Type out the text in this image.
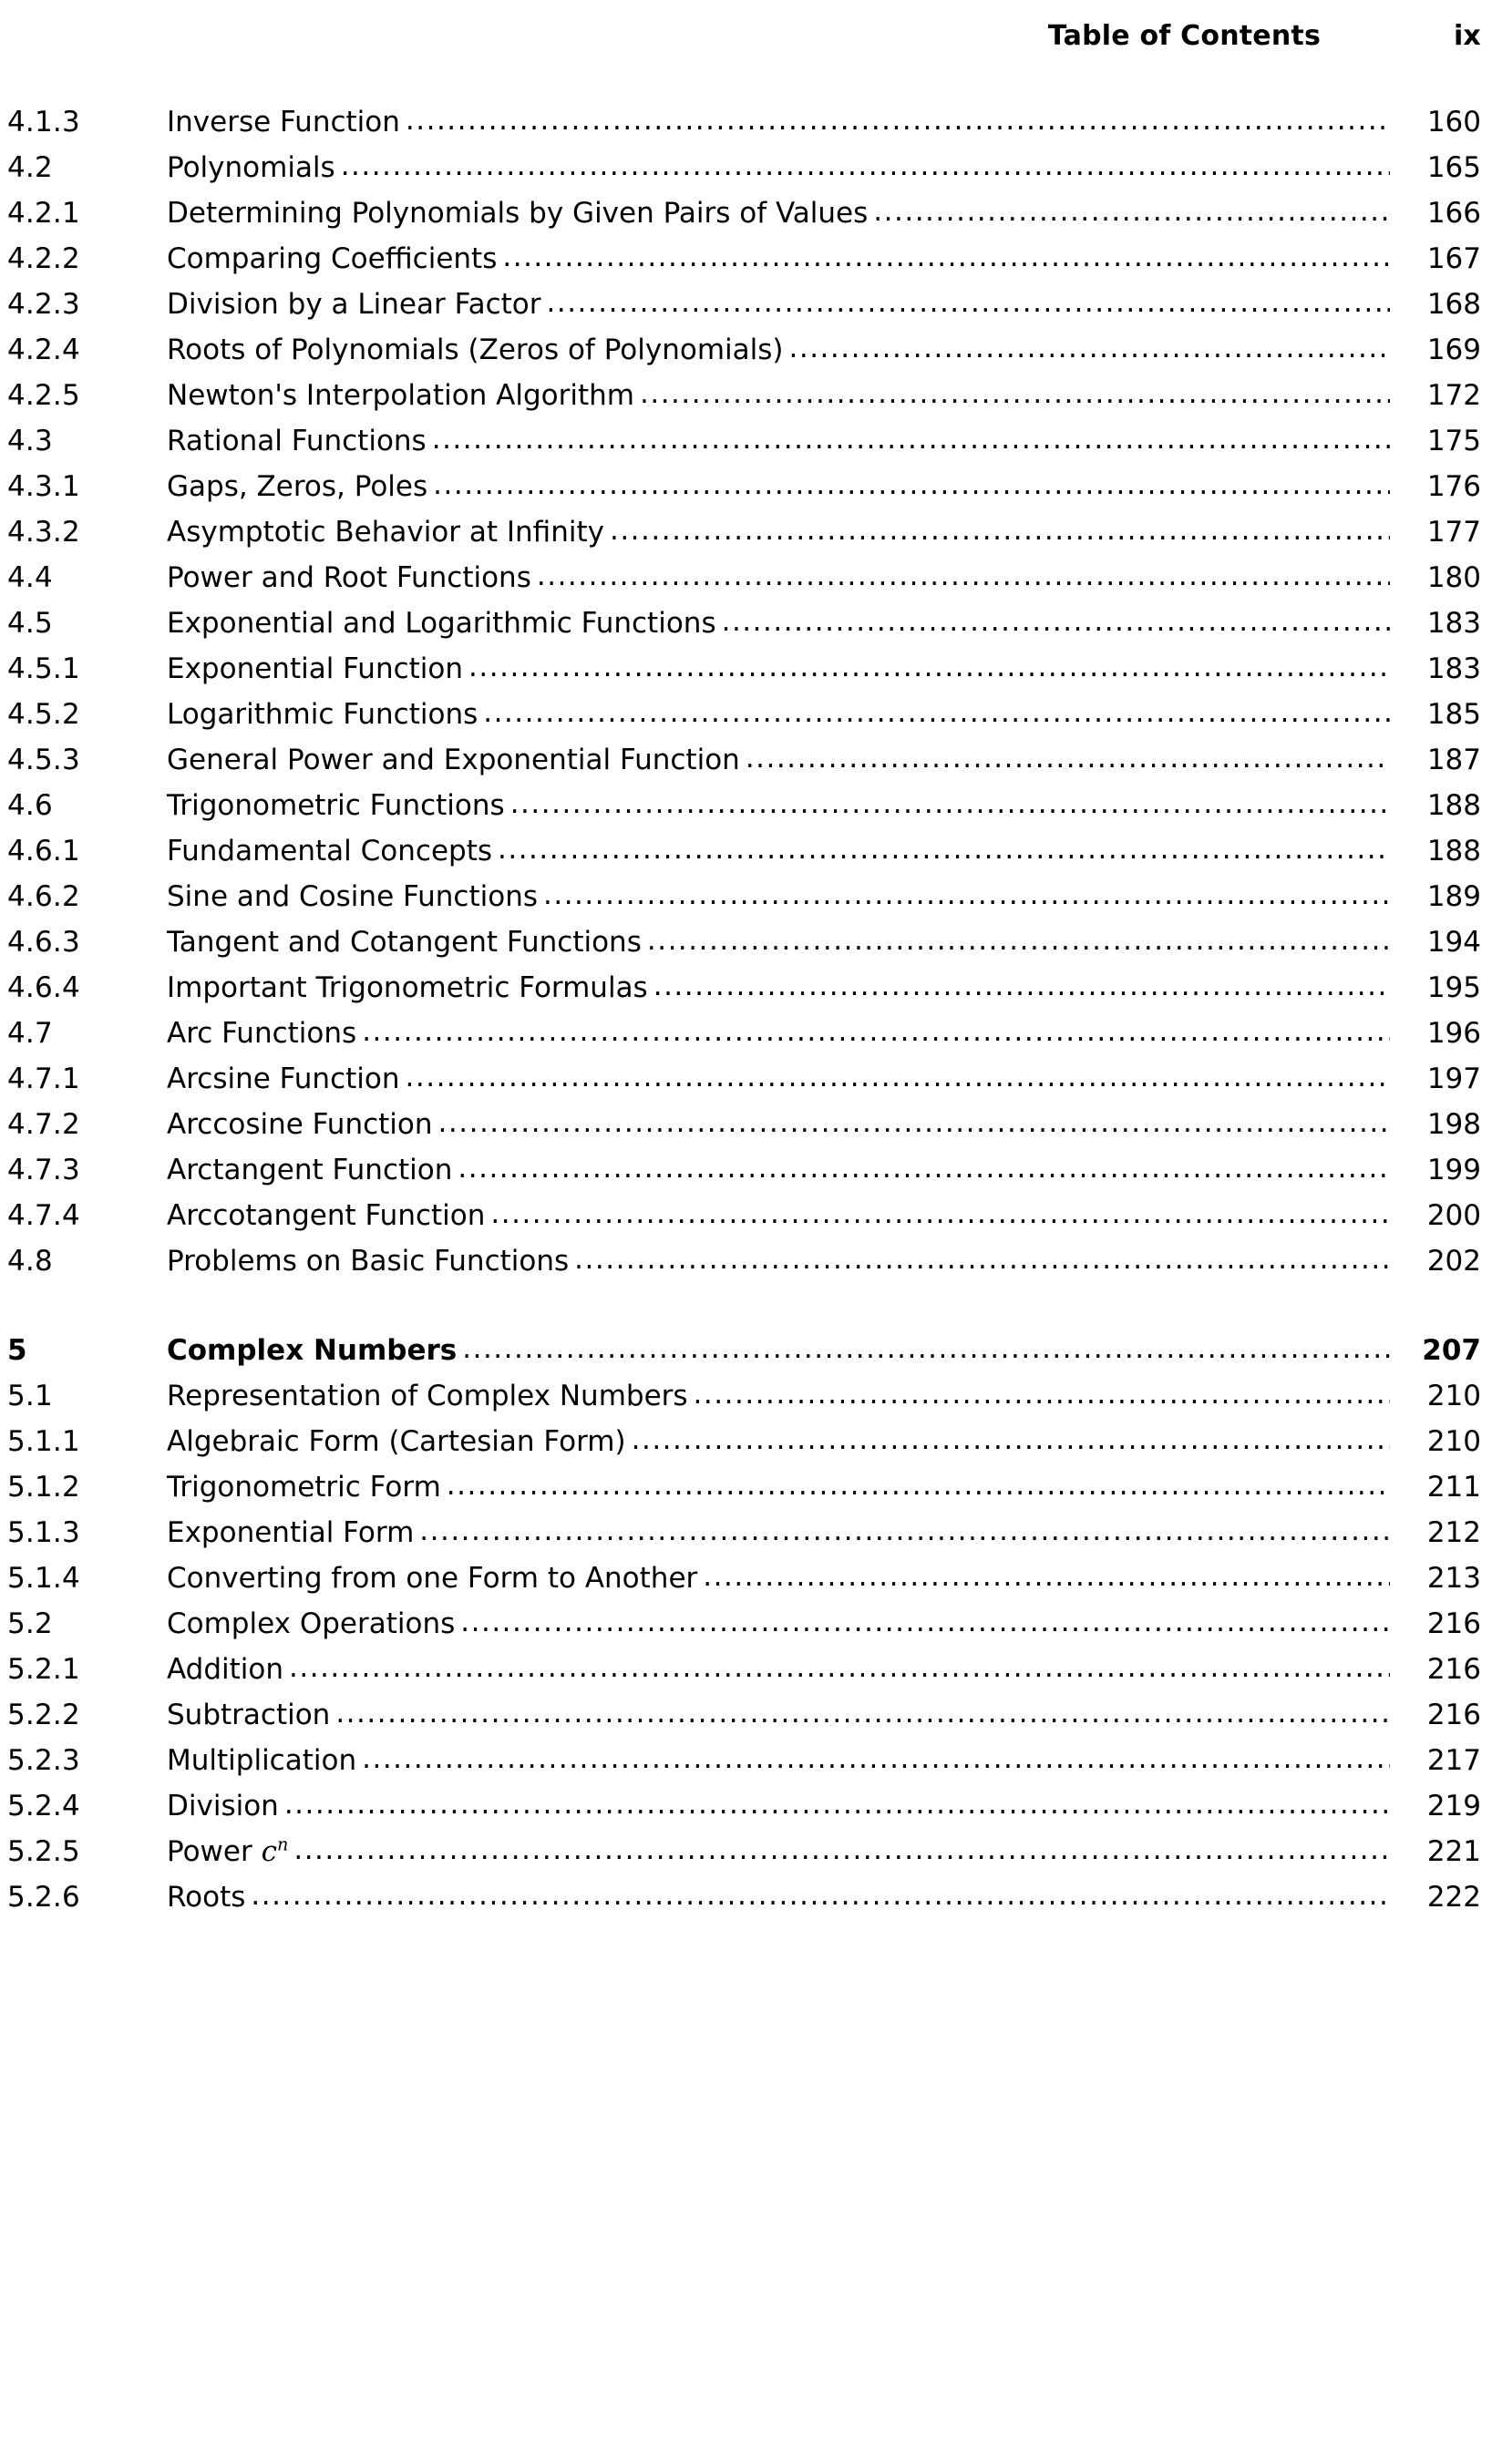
Table of Contents	ix
4.1.3	Inverse Function .....	160
4.2	Polynomials .....	165
4.2.1	Determining Polynomials by Given Pairs of Values .....	166
4.2.2	Comparing Coefficients .....	167
4.2.3	Division by a Linear Factor .....	168
4.2.4	Roots of Polynomials (Zeros of Polynomials) .....	169
4.2.5	Newton's Interpolation Algorithm .....	172
4.3	Rational Functions .....	175
4.3.1	Gaps, Zeros, Poles .....	176
4.3.2	Asymptotic Behavior at Infinity .....	177
4.4	Power and Root Functions .....	180
4.5	Exponential and Logarithmic Functions .....	183
4.5.1	Exponential Function .....	183
4.5.2	Logarithmic Functions .....	185
4.5.3	General Power and Exponential Function .....	187
4.6	Trigonometric Functions .....	188
4.6.1	Fundamental Concepts .....	188
4.6.2	Sine and Cosine Functions .....	189
4.6.3	Tangent and Cotangent Functions .....	194
4.6.4	Important Trigonometric Formulas .....	195
4.7	Arc Functions .....	196
4.7.1	Arcsine Function .....	197
4.7.2	Arccosine Function .....	198
4.7.3	Arctangent Function .....	199
4.7.4	Arccotangent Function .....	200
4.8	Problems on Basic Functions .....	202
5	Complex Numbers .....	207
5.1	Representation of Complex Numbers .....	210
5.1.1	Algebraic Form (Cartesian Form) .....	210
5.1.2	Trigonometric Form .....	211
5.1.3	Exponential Form .....	212
5.1.4	Converting from one Form to Another .....	213
5.2	Complex Operations .....	216
5.2.1	Addition .....	216
5.2.2	Subtraction .....	216
5.2.3	Multiplication .....	217
5.2.4	Division .....	219
5.2.5	Power $c^n$ .....	221
5.2.6	Roots .....	222
